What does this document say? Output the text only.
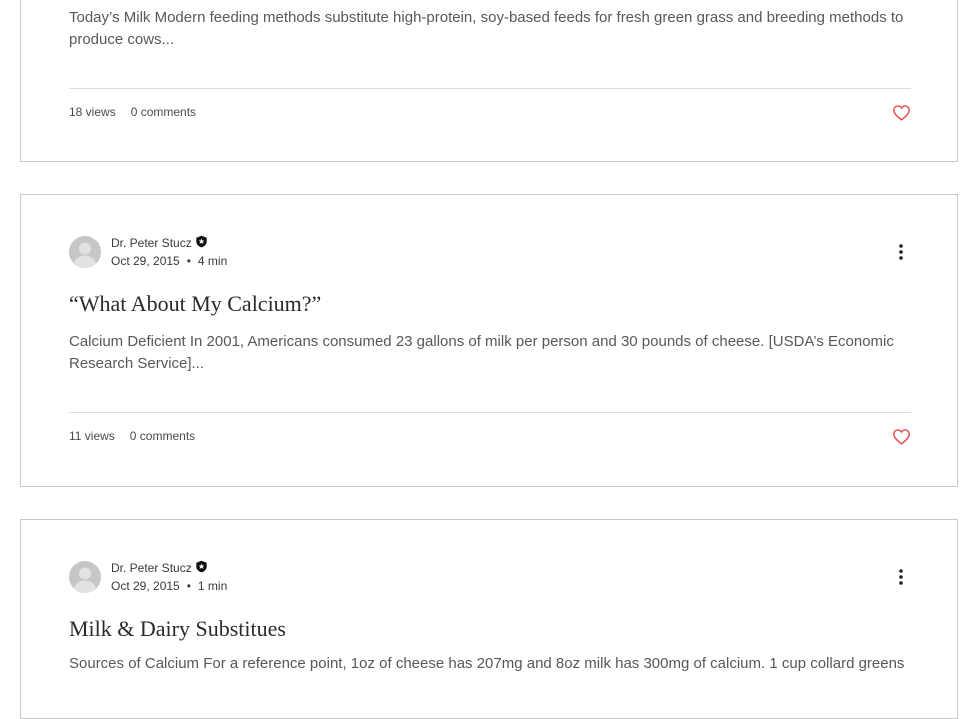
Today’s Milk Modern feeding methods substitute high-protein, soy-based feeds for fresh green grass and breeding methods to produce cows...

18 views 0 comments
Dr. Peter Stucz
Oct 29, 2015 • 4 min
“What About My Calcium?”

Calcium Deficient In 2001, Americans consumed 23 gallons of milk per person and 30 pounds of cheese. [USDA’s Economic Research Service]...

11 views 0 comments
Dr. Peter Stucz
Oct 29, 2015 • 1 min
Milk & Dairy Substitues

Sources of Calcium For a reference point, 1oz of cheese has 207mg and 8oz milk has 300mg of calcium. 1 cup collard greens
